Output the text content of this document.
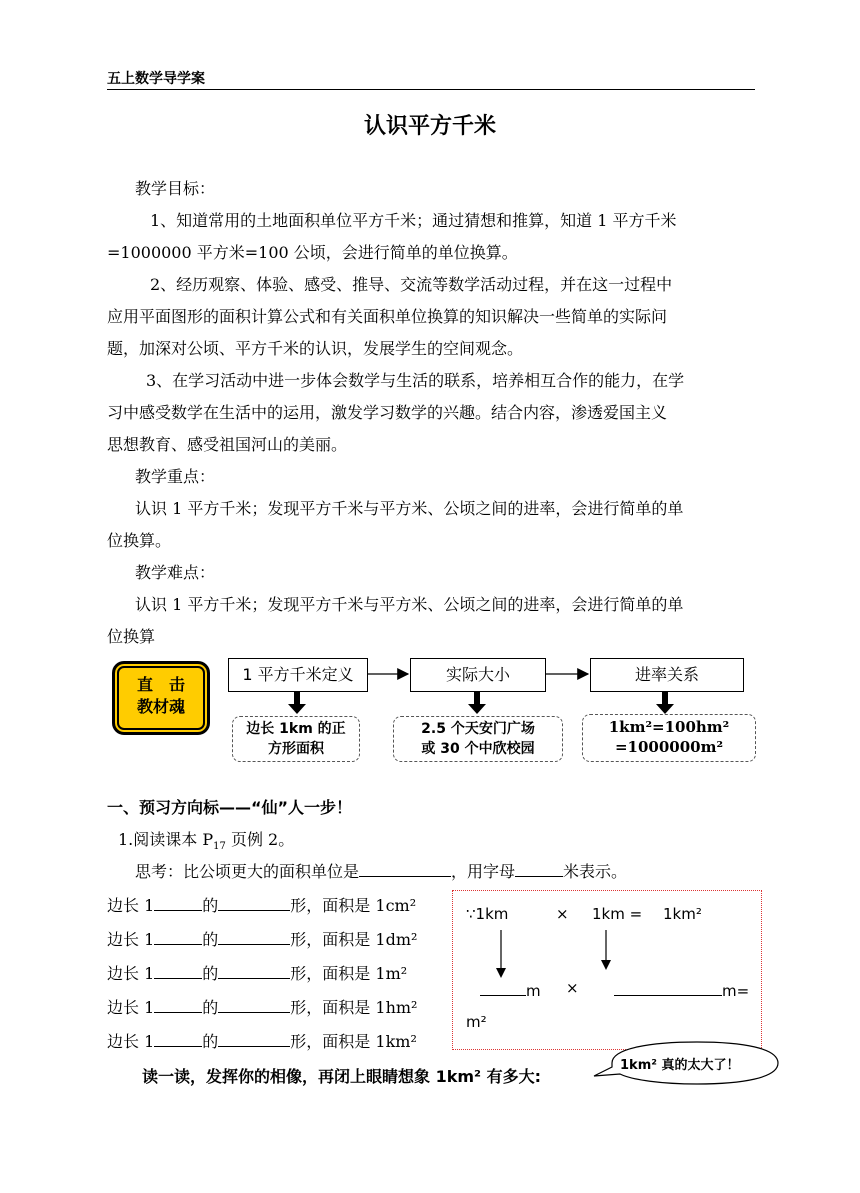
五上数学导学案
认识平方千米
教学目标：
1、知道常用的土地面积单位平方千米；通过猜想和推算，知道 1 平方千米
=1000000 平方米=100 公顷，会进行简单的单位换算。
2、经历观察、体验、感受、推导、交流等数学活动过程，并在这一过程中
应用平面图形的面积计算公式和有关面积单位换算的知识解决一些简单的实际问
题，加深对公顷、平方千米的认识，发展学生的空间观念。
3、在学习活动中进一步体会数学与生活的联系，培养相互合作的能力，在学
习中感受数学在生活中的运用，激发学习数学的兴趣。结合内容，渗透爱国主义
思想教育、感受祖国河山的美丽。
教学重点：
认识 1 平方千米；发现平方千米与平方米、公顷之间的进率，会进行简单的单
位换算。
教学难点：
认识 1 平方千米；发现平方千米与平方米、公顷之间的进率，会进行简单的单
位换算
直　击
教材魂
1 平方千米定义	实际大小	进率关系
边长 1km 的正
方形面积
2.5 个天安门广场
或 30 个中欣校园
1km²=100hm²
=1000000m²
一、预习方向标——“仙”人一步！
1.阅读课本 $P_{17}$ 页例 2。
思考：比公顷更大的面积单位是	，用字母	米表示。
边长 1	的	形，面积是 1cm²
边长 1	的	形，面积是 1dm²
边长 1	的	形，面积是 1m²
边长 1	的	形，面积是 1hm²
边长 1	的	形，面积是 1km²
∵1km	× 1km = 1km²
m ×	m=
m²
读一读，发挥你的相像，再闭上眼睛想象 1km² 有多大:
1km² 真的太大了！
